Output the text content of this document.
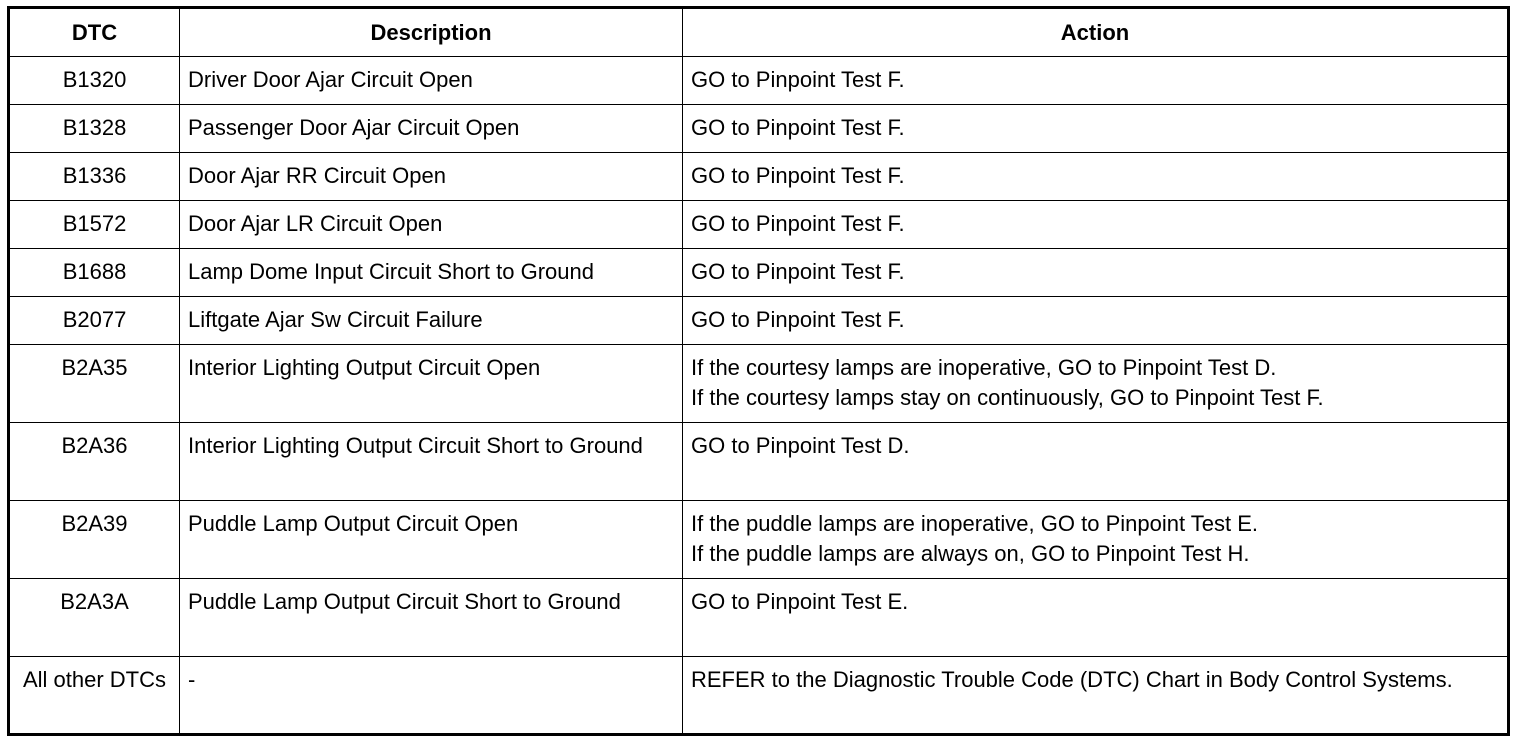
DTC	Description	Action
B1320	Driver Door Ajar Circuit Open	GO to Pinpoint Test F.

B1328	Passenger Door Ajar Circuit Open	GO to Pinpoint Test F.

B1336	Door Ajar RR Circuit Open	GO to Pinpoint Test F.

B1572	Door Ajar LR Circuit Open	GO to Pinpoint Test F.

B1688	Lamp Dome Input Circuit Short to Ground	GO to Pinpoint Test F.

B2077	Liftgate Ajar Sw Circuit Failure	GO to Pinpoint Test F.

B2A35	Interior Lighting Output Circuit Open	If the courtesy lamps are inoperative, GO to Pinpoint Test D.
If the courtesy lamps stay on continuously, GO to Pinpoint Test F.

B2A36	Interior Lighting Output Circuit Short to Ground	GO to Pinpoint Test D.

B2A39	Puddle Lamp Output Circuit Open	If the puddle lamps are inoperative, GO to Pinpoint Test E.
If the puddle lamps are always on, GO to Pinpoint Test H.

B2A3A	Puddle Lamp Output Circuit Short to Ground	GO to Pinpoint Test E.

All other DTCs	-	REFER to the Diagnostic Trouble Code (DTC) Chart in Body Control Systems.
